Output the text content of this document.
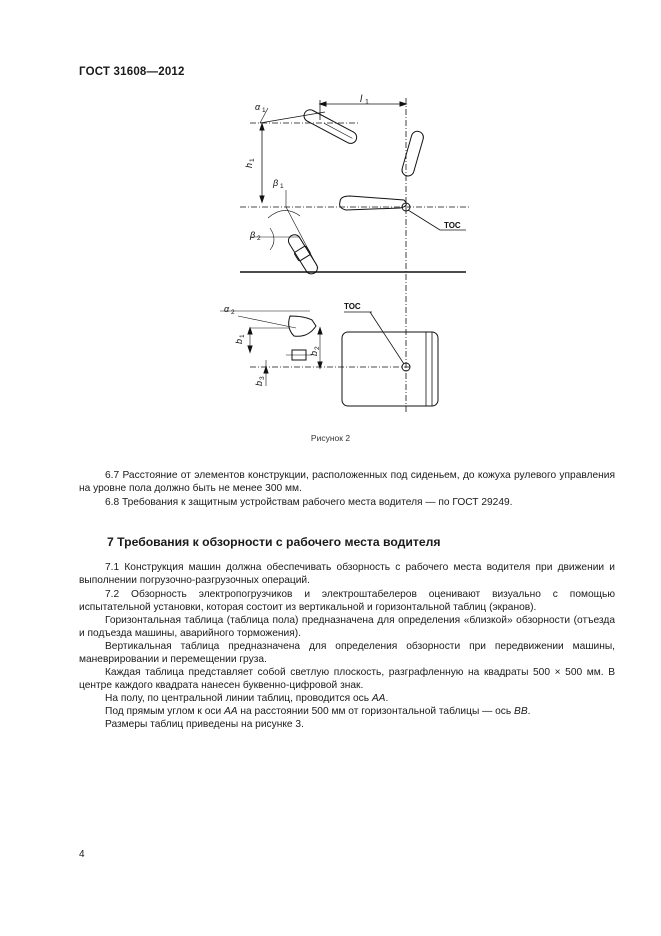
ГОСТ 31608—2012
l 1
α 1
h
1
ТОС
β 1
β 2
α 2
b
1
b
2
b
3
ТОС
Рисунок 2

6.7 Расстояние от элементов конструкции, расположенных под сиденьем, до кожуха рулевого управления на уровне пола должно быть не менее 300 мм.

6.8 Требования к защитным устройствам рабочего места водителя — по ГОСТ 29249.

7 Требования к обзорности с рабочего места водителя

7.1 Конструкция машин должна обеспечивать обзорность с рабочего места водителя при движении и выполнении погрузочно-разгрузочных операций.

7.2 Обзорность электропогрузчиков и электроштабелеров оценивают визуально с помощью испытательной установки, которая состоит из вертикальной и горизонтальной таблиц (экранов).

Горизонтальная таблица (таблица пола) предназначена для определения «близкой» обзорности (отъезда и подъезда машины, аварийного торможения).

Вертикальная таблица предназначена для определения обзорности при передвижении машины, маневрировании и перемещении груза.

Каждая таблица представляет собой светлую плоскость, разграфленную на квадраты 500 × 500 мм. В центре каждого квадрата нанесен буквенно-цифровой знак.

На полу, по центральной линии таблиц, проводится ось АА.

Под прямым углом к оси АА на расстоянии 500 мм от горизонтальной таблицы — ось ВВ.

Размеры таблиц приведены на рисунке 3.

4
